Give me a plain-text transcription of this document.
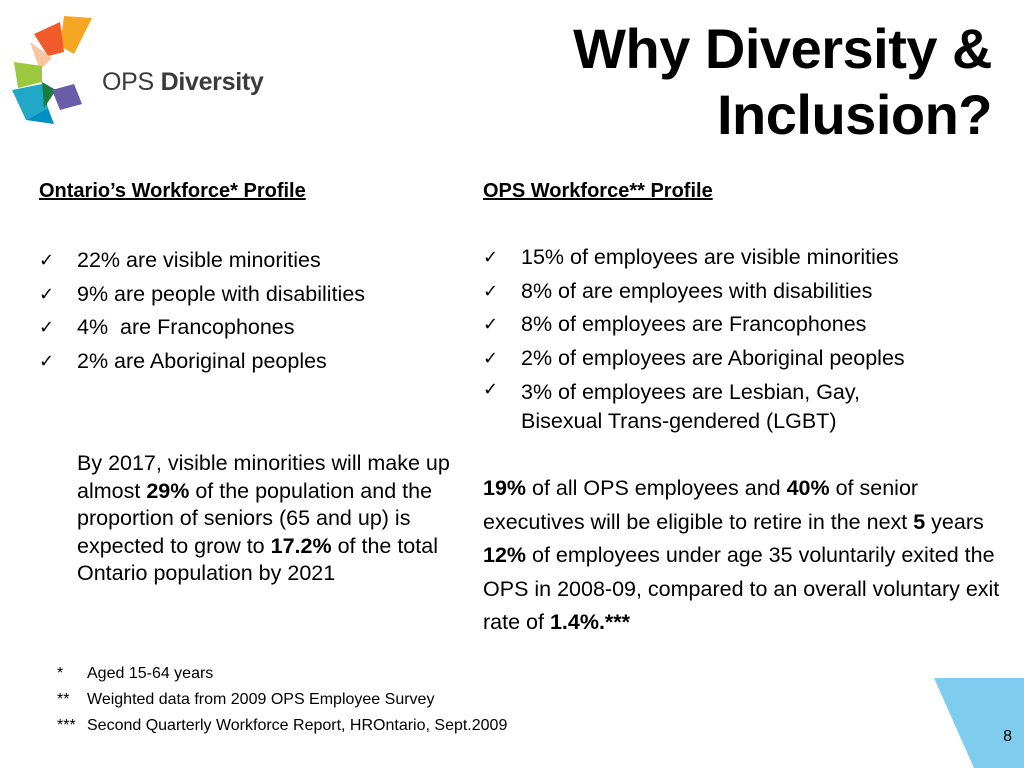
OPS Diversity
Why Diversity &
Inclusion?
Ontario’s Workforce* Profile
✓ 22% are visible minorities
✓ 9% are people with disabilities
✓ 4%  are Francophones
✓ 2% are Aboriginal peoples
By 2017, visible minorities will make up almost 29% of the population and the proportion of seniors (65 and up) is expected to grow to 17.2% of the total Ontario population by 2021
OPS Workforce** Profile
✓ 15% of employees are visible minorities
✓ 8% of are employees with disabilities
✓ 8% of employees are Francophones
✓ 2% of employees are Aboriginal peoples
✓ 3% of employees are Lesbian, Gay, Bisexual Trans-gendered (LGBT)
19% of all OPS employees and 40% of senior executives will be eligible to retire in the next 5 years
12% of employees under age 35 voluntarily exited the OPS in 2008-09, compared to an overall voluntary exit rate of 1.4%.***
* Aged 15-64 years
** Weighted data from 2009 OPS Employee Survey
*** Second Quarterly Workforce Report, HROntario, Sept.2009
8
